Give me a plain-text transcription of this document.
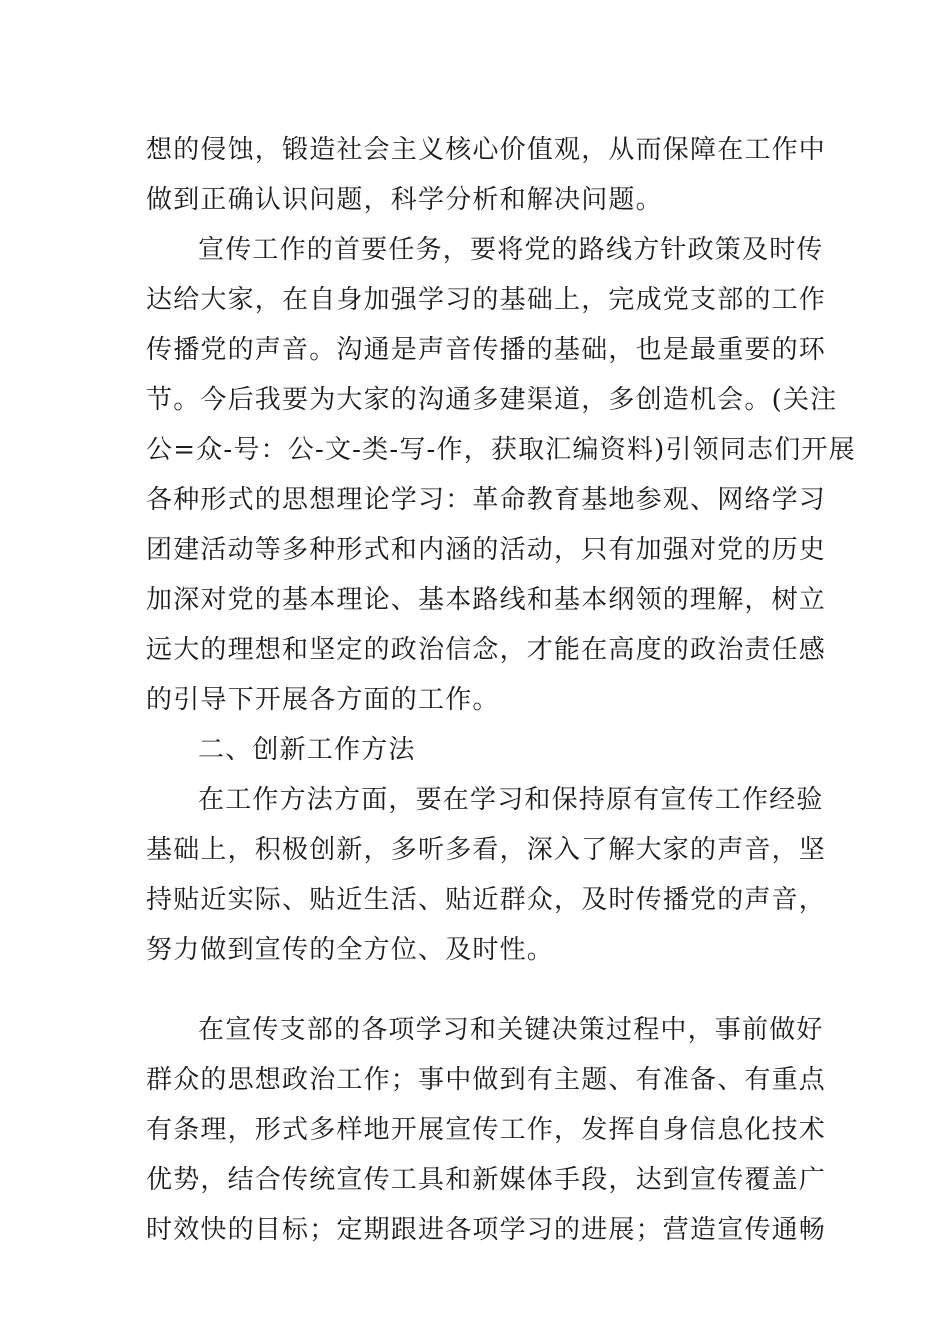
想的侵蚀，锻造社会主义核心价值观，从而保障在工作中
做到正确认识问题，科学分析和解决问题。
宣传工作的首要任务，要将党的路线方针政策及时传
达给大家，在自身加强学习的基础上，完成党支部的工作
传播党的声音。沟通是声音传播的基础，也是最重要的环
节。今后我要为大家的沟通多建渠道，多创造机会。(关注
公=众-号：公-文-类-写-作，获取汇编资料)引领同志们开展
各种形式的思想理论学习：革命教育基地参观、网络学习
团建活动等多种形式和内涵的活动，只有加强对党的历史
加深对党的基本理论、基本路线和基本纲领的理解，树立
远大的理想和坚定的政治信念，才能在高度的政治责任感
的引导下开展各方面的工作。
二、创新工作方法
在工作方法方面，要在学习和保持原有宣传工作经验
基础上，积极创新，多听多看，深入了解大家的声音，坚
持贴近实际、贴近生活、贴近群众，及时传播党的声音，
努力做到宣传的全方位、及时性。
在宣传支部的各项学习和关键决策过程中，事前做好
群众的思想政治工作；事中做到有主题、有准备、有重点
有条理，形式多样地开展宣传工作，发挥自身信息化技术
优势，结合传统宣传工具和新媒体手段，达到宣传覆盖广
时效快的目标；定期跟进各项学习的进展；营造宣传通畅
